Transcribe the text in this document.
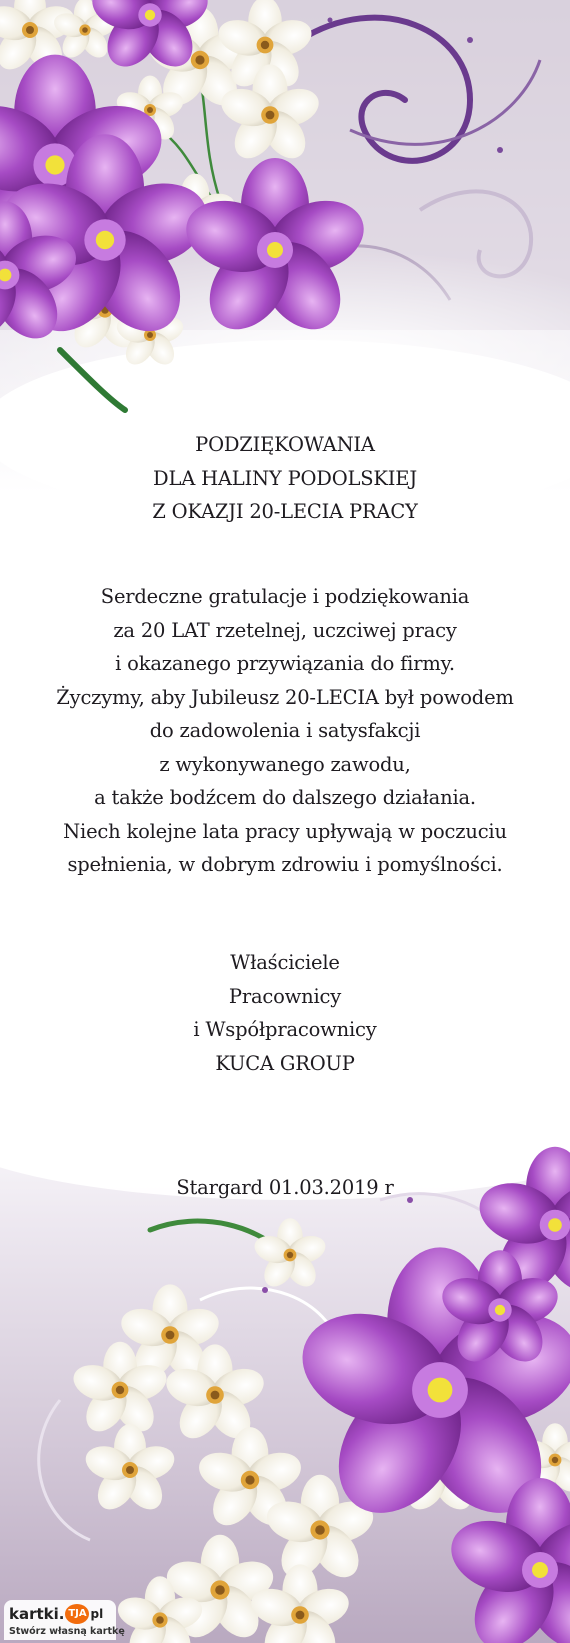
PODZIĘKOWANIA
DLA HALINY PODOLSKIEJ
Z OKAZJI 20-LECIA PRACY
Serdeczne gratulacje i podziękowania
za 20 LAT rzetelnej, uczciwej pracy
i okazanego przywiązania do firmy.
Życzymy, aby Jubileusz 20-LECIA był powodem
do zadowolenia i satysfakcji
z wykonywanego zawodu,
a także bodźcem do dalszego działania.
Niech kolejne lata pracy upływają w poczuciu
spełnienia, w dobrym zdrowiu i pomyślności.
Właściciele
Pracownicy
i Współpracownicy
KUCA GROUP
Stargard 01.03.2019 r
kartki. TJA pl
Stwórz własną kartkę
